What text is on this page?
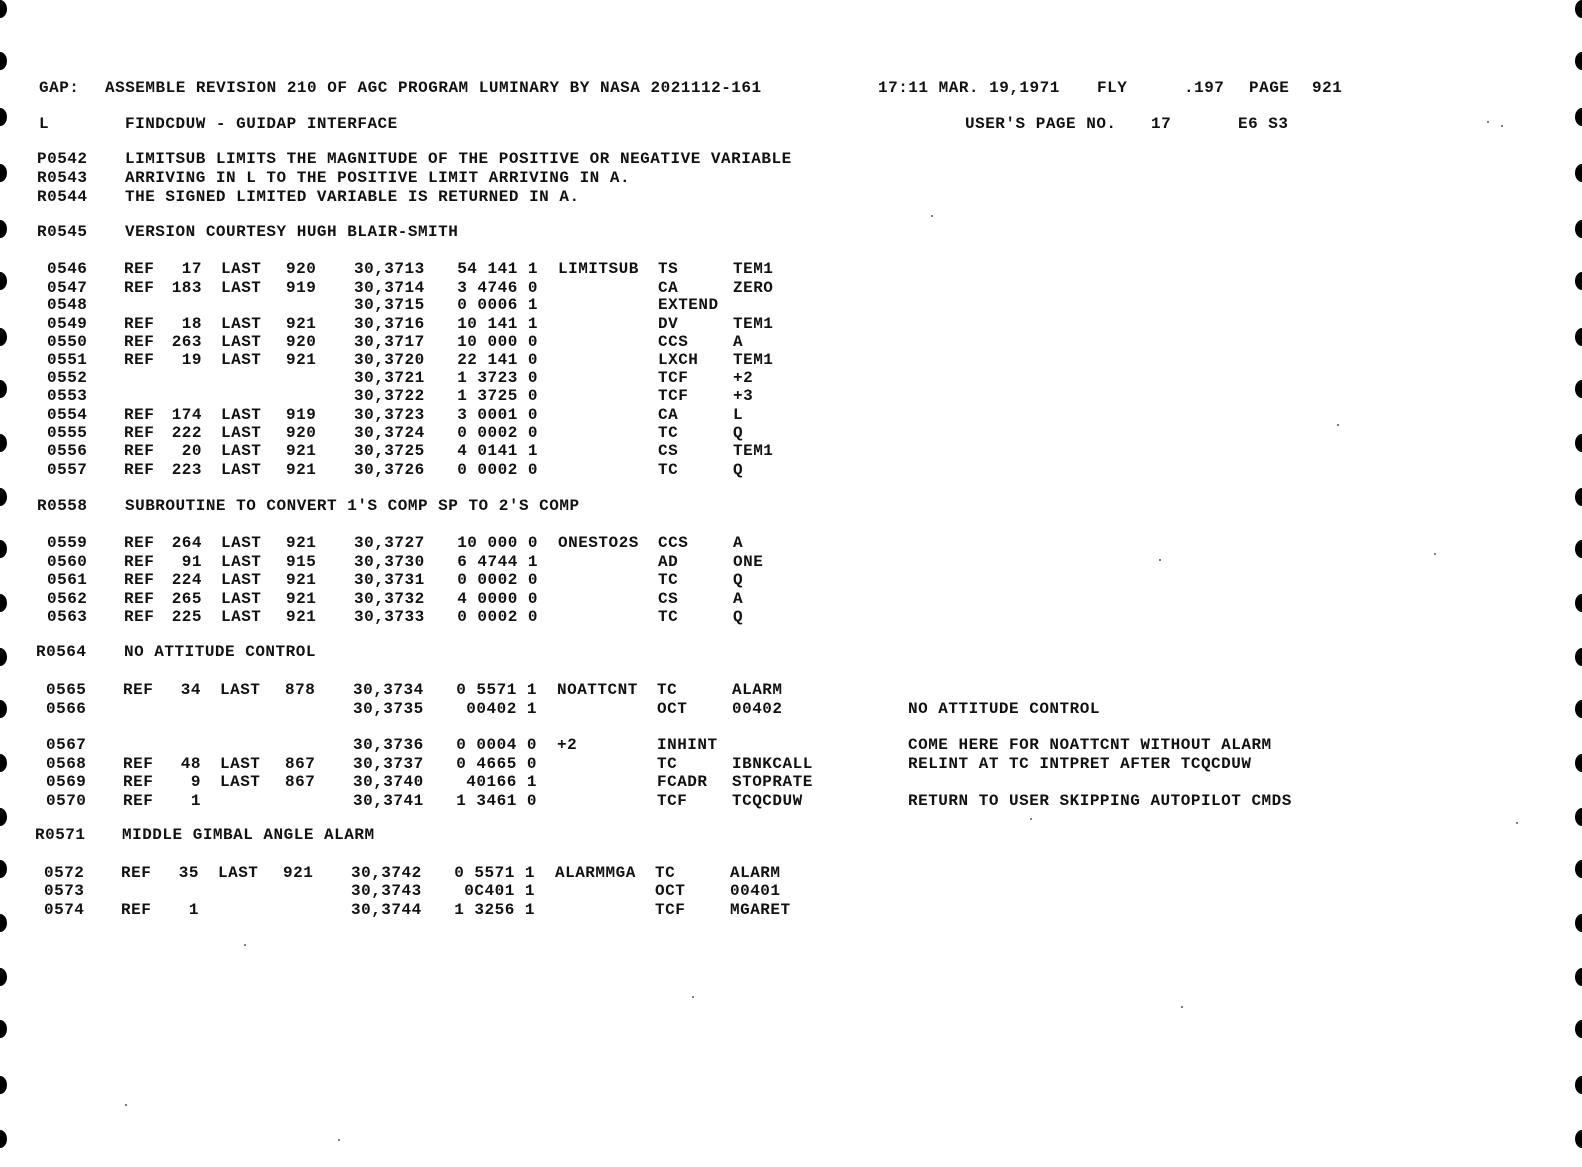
GAP:

ASSEMBLE REVISION 210 OF AGC PROGRAM LUMINARY BY NASA 2021112-161

	17:11 MAR. 19,1971

FLY

	.197

PAGE

921

L

	FINDCDUW - GUIDAP INTERFACE

	USER'S PAGE NO.

17

	E6 S3

P0542

LIMITSUB LIMITS THE MAGNITUDE OF THE POSITIVE OR NEGATIVE VARIABLE

R0543

ARRIVING IN L TO THE POSITIVE LIMIT ARRIVING IN A.

R0544

THE SIGNED LIMITED VARIABLE IS RETURNED IN A.

R0545

VERSION COURTESY HUGH BLAIR-SMITH

R0558

SUBROUTINE TO CONVERT 1'S COMP SP TO 2'S COMP

R0564

NO ATTITUDE CONTROL

R0571

MIDDLE GIMBAL ANGLE ALARM

0546 REF	17 LAST 920 30,3713	54 141 1 LIMITSUB TS	TEM1
0547 REF	183 LAST 919 30,3714	3 4746 0	CA	ZERO
0548	30,3715	0 0006 1	EXTEND
0549 REF	18 LAST 921 30,3716	10 141 1	DV	TEM1
0550 REF	263 LAST 920 30,3717	10 000 0	CCS	A
0551 REF	19 LAST 921 30,3720	22 141 0	LXCH TEM1
0552	30,3721	1 3723 0	TCF	+2
0553	30,3722	1 3725 0	TCF	+3
0554 REF	174 LAST 919 30,3723	3 0001 0	CA	L
0555 REF	222 LAST 920 30,3724	0 0002 0	TC	Q
0556 REF	20 LAST 921 30,3725	4 0141 1	CS	TEM1
0557 REF	223 LAST 921 30,3726	0 0002 0	TC	Q
0559 REF	264 LAST 921 30,3727	10 000 0 ONESTO2S CCS	A
0560 REF	91 LAST 915 30,3730	6 4744 1	AD	ONE
0561 REF	224 LAST 921 30,3731	0 0002 0	TC	Q
0562 REF	265 LAST 921 30,3732	4 0000 0	CS	A
0563 REF	225 LAST 921 30,3733	0 0002 0	TC	Q
0565 REF	34 LAST 878 30,3734	0 5571 1 NOATTCNT TC	ALARM
0566	30,3735	00402 1	OCT	00402	NO ATTITUDE CONTROL
0567	30,3736	0 0004 0 +2	INHINT	COME HERE FOR NOATTCNT WITHOUT ALARM
0568 REF	48 LAST 867 30,3737	0 4665 0	TC	IBNKCALL	RELINT AT TC INTPRET AFTER TCQCDUW
0569 REF	9 LAST 867 30,3740	40166 1	FCADR STOPRATE
0570 REF	1	30,3741	1 3461 0	TCF	TCQCDUW	RETURN TO USER SKIPPING AUTOPILOT CMDS
0572 REF	35 LAST 921 30,3742	0 5571 1 ALARMMGA TC	ALARM
0573	30,3743	0C401 1	OCT	00401
0574 REF	1	30,3744	1 3256 1	TCF	MGARET
